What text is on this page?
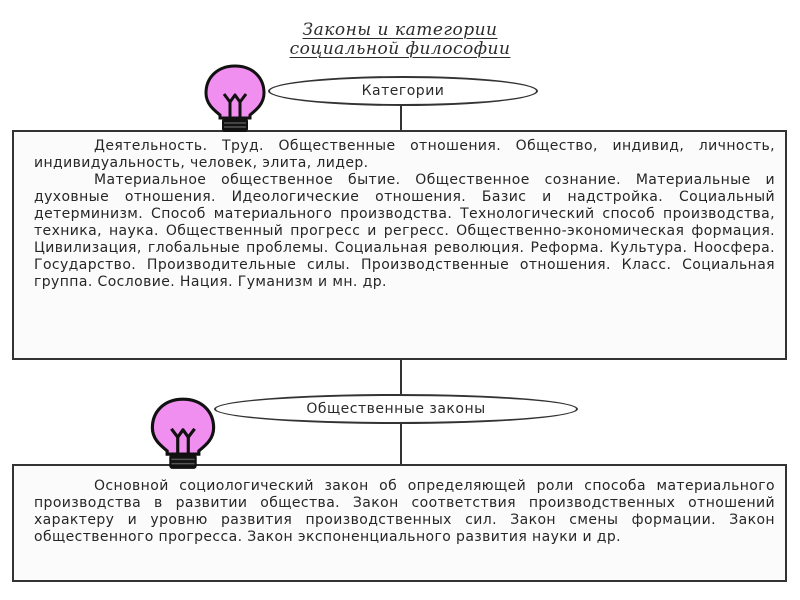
Законы и категории
социальной философии
Категории

Деятельность. Труд. Общественные отношения. Общество, индивид, личность, индивидуальность, человек, элита, лидер.

Материальное общественное бытие. Общественное сознание. Материальные и духовные отношения. Идеологические отношения. Базис и надстройка. Социальный детерминизм. Способ материального производства. Технологический способ производства, техника, наука. Общественный прогресс и регресс. Общественно-экономическая формация. Цивилизация, глобальные проблемы. Социальная революция. Реформа. Культура. Ноосфера. Государство. Производительные силы. Производственные отношения. Класс. Социальная группа. Сословие. Нация. Гуманизм и мн. др.

Общественные законы

Основной социологический закон об определяющей роли способа материального производства в развитии общества. Закон соответствия производственных отношений характеру и уровню развития производственных сил. Закон смены формации. Закон общественного прогресса. Закон экспоненциального развития науки и др.
